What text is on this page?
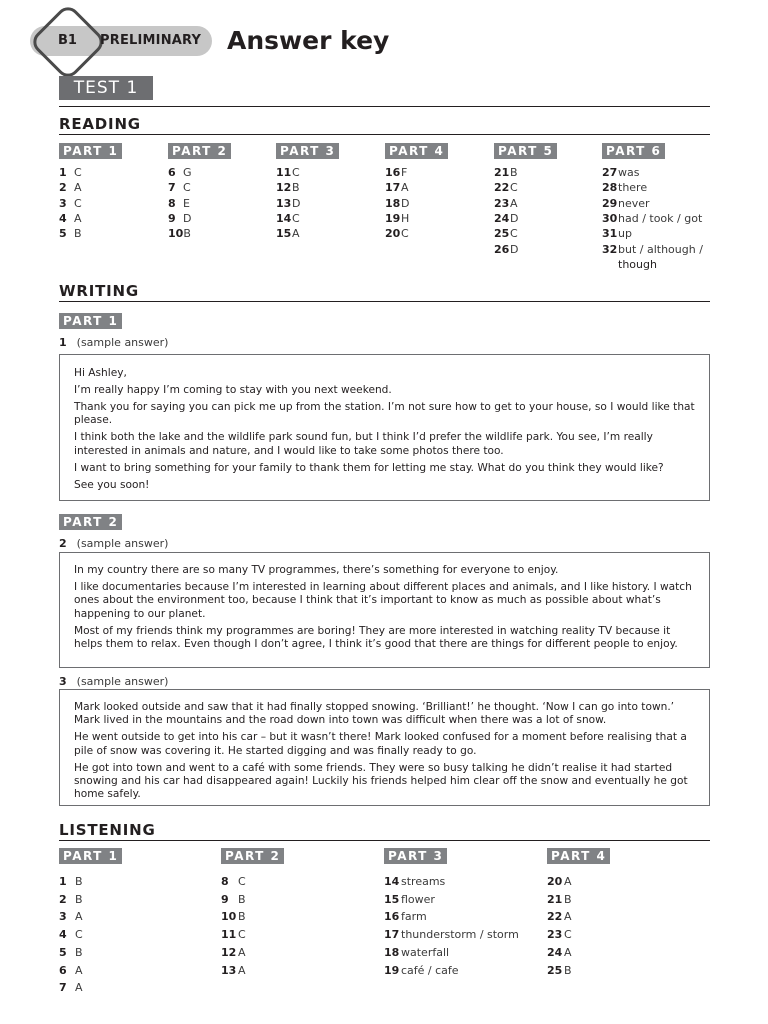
B1 PRELIMINARY Answer key
TEST 1
READING
PART 1
1 C
2 A
3 C
4 A
5 B
PART 2
6 G
7 C
8 E
9 D
10B
PART 3
11C
12B
13D
14C
15A
PART 4
16F
17A
18D
19H
20C
PART 5
21B
22C
23A
24D
25C
26D
PART 6
27was
28there
29never
30had / took / got
31up
32but / although /
though
WRITING
PART 1
1 (sample answer)

Hi Ashley,

I’m really happy I’m coming to stay with you next weekend.

Thank you for saying you can pick me up from the station. I’m not sure how to get to your house, so I would like that please.

I think both the lake and the wildlife park sound fun, but I think I’d prefer the wildlife park. You see, I’m really interested in animals and nature, and I would like to take some photos there too.

I want to bring something for your family to thank them for letting me stay. What do you think they would like?

See you soon!

PART 2
2 (sample answer)

In my country there are so many TV programmes, there’s something for everyone to enjoy.

I like documentaries because I’m interested in learning about different places and animals, and I like history. I watch ones about the environment too, because I think that it’s important to know as much as possible about what’s happening to our planet.

Most of my friends think my programmes are boring! They are more interested in watching reality TV because it helps them to relax. Even though I don’t agree, I think it’s good that there are things for different people to enjoy.

3 (sample answer)

Mark looked outside and saw that it had finally stopped snowing. ‘Brilliant!’ he thought. ‘Now I can go into town.’ Mark lived in the mountains and the road down into town was difficult when there was a lot of snow.

He went outside to get into his car – but it wasn’t there! Mark looked confused for a moment before realising that a pile of snow was covering it. He started digging and was finally ready to go.

He got into town and went to a café with some friends. They were so busy talking he didn’t realise it had started snowing and his car had disappeared again! Luckily his friends helped him clear off the snow and eventually he got home safely.

LISTENING
PART 1
1 B
2 B
3 A
4 C
5 B
6 A
7 A
PART 2
8 C
9 B
10 B
11 C
12 A
13 A
PART 3
14 streams
15 flower
16 farm
17 thunderstorm / storm
18 waterfall
19 café / cafe
PART 4
20 A
21 B
22 A
23 C
24 A
25 B
